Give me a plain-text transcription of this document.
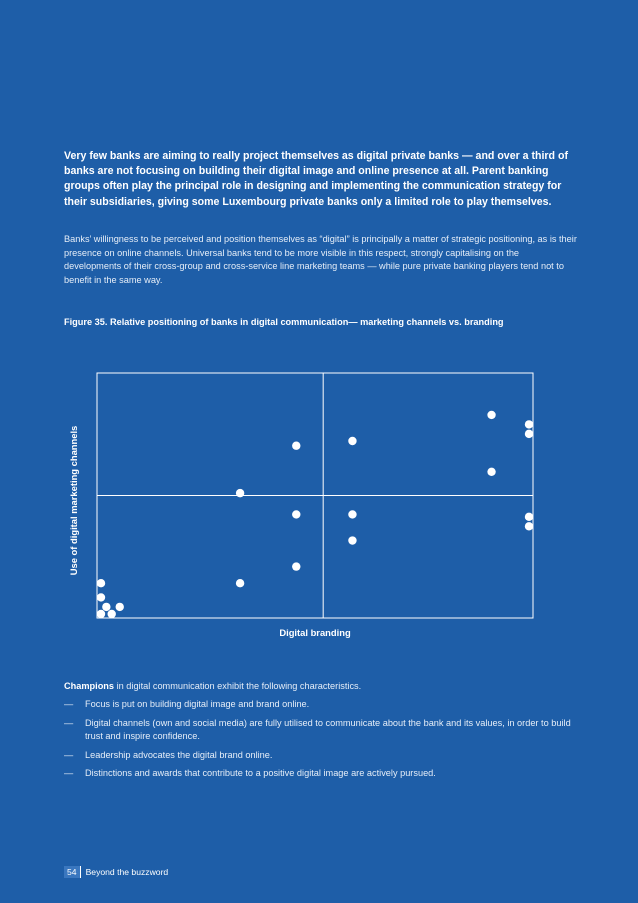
Very few banks are aiming to really project themselves as digital private banks — and over a third of banks are not focusing on building their digital image and online presence at all. Parent banking groups often play the principal role in designing and implementing the communication strategy for their subsidiaries, giving some Luxembourg private banks only a limited role to play themselves.

Banks’ willingness to be perceived and position themselves as “digital” is principally a matter of strategic positioning, as is their presence on online channels. Universal banks tend to be more visible in this respect, strongly capitalising on the developments of their cross-group and cross-service line marketing teams — while pure private banking players tend not to benefit in the same way.

Figure 35. Relative positioning of banks in digital communication— marketing channels vs. branding

Digital branding
Use of digital marketing channels

Champions in digital communication exhibit the following characteristics.

— Focus is put on building digital image and brand online.
— Digital channels (own and social media) are fully utilised to communicate about the bank and its values, in order to build trust and inspire confidence.
— Leadership advocates the digital brand online.
— Distinctions and awards that contribute to a positive digital image are actively pursued.
54	Beyond the buzzword
